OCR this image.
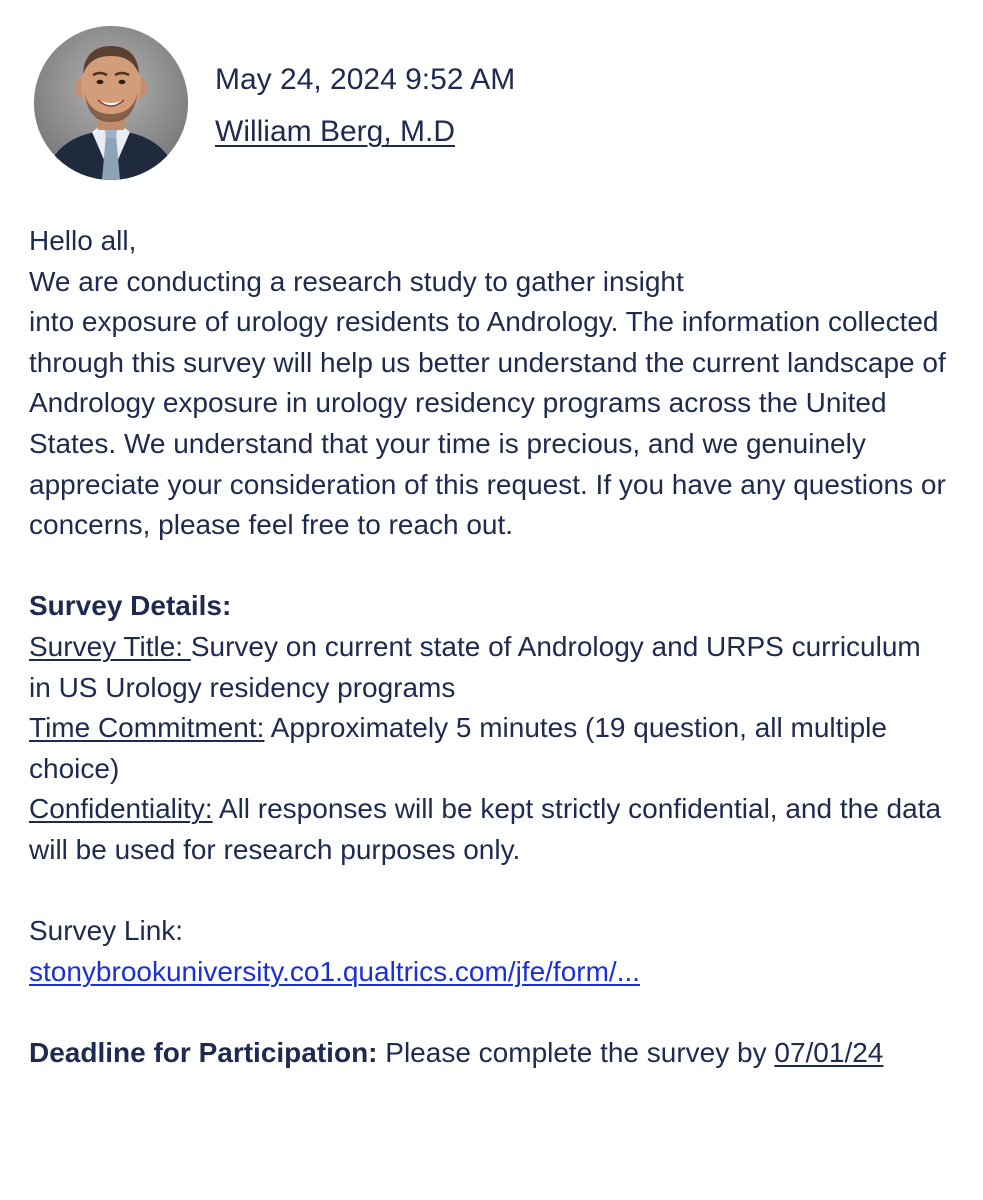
May 24, 2024 9:52 AM
William Berg, M.D

Hello all,

We are conducting a research study to gather insight

into exposure of urology residents to Andrology. The information collected through this survey will help us better understand the current landscape of Andrology exposure in urology residency programs across the United States. We understand that your time is precious, and we genuinely appreciate your consideration of this request. If you have any questions or concerns, please feel free to reach out.

Survey Details:

Survey Title: Survey on current state of Andrology and URPS curriculum in US Urology residency programs

Time Commitment: Approximately 5 minutes (19 question, all multiple choice)

Confidentiality: All responses will be kept strictly confidential, and the data will be used for research purposes only.

Survey Link:

stonybrookuniversity.co1.qualtrics.com/jfe/form/...

Deadline for Participation: Please complete the survey by 07/01/24
